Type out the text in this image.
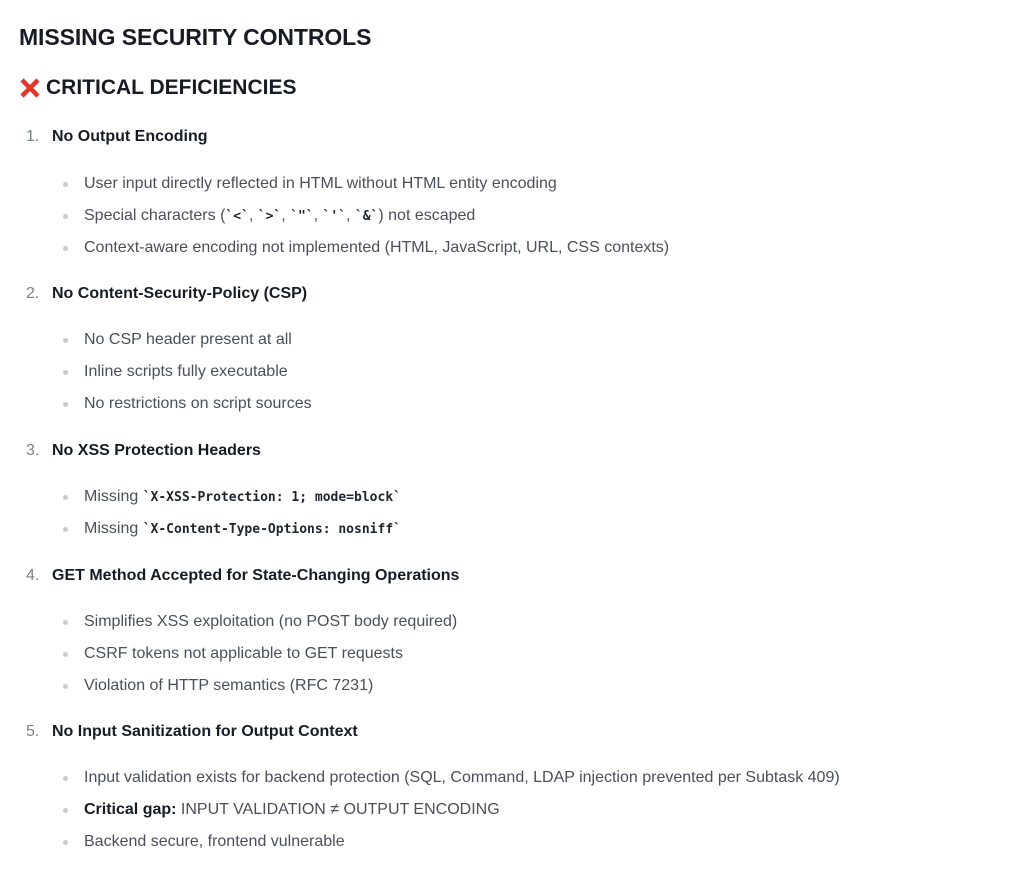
MISSING SECURITY CONTROLS
CRITICAL DEFICIENCIES
1. No Output Encoding
User input directly reflected in HTML without HTML entity encoding
Special characters (`<`, `>`, `"`, `'`, `&`) not escaped
Context-aware encoding not implemented (HTML, JavaScript, URL, CSS contexts)
2. No Content-Security-Policy (CSP)
No CSP header present at all
Inline scripts fully executable
No restrictions on script sources
3. No XSS Protection Headers
Missing `X-XSS-Protection: 1; mode=block`
Missing `X-Content-Type-Options: nosniff`
4. GET Method Accepted for State-Changing Operations
Simplifies XSS exploitation (no POST body required)
CSRF tokens not applicable to GET requests
Violation of HTTP semantics (RFC 7231)
5. No Input Sanitization for Output Context
Input validation exists for backend protection (SQL, Command, LDAP injection prevented per Subtask 409)
Critical gap: INPUT VALIDATION ≠ OUTPUT ENCODING
Backend secure, frontend vulnerable
